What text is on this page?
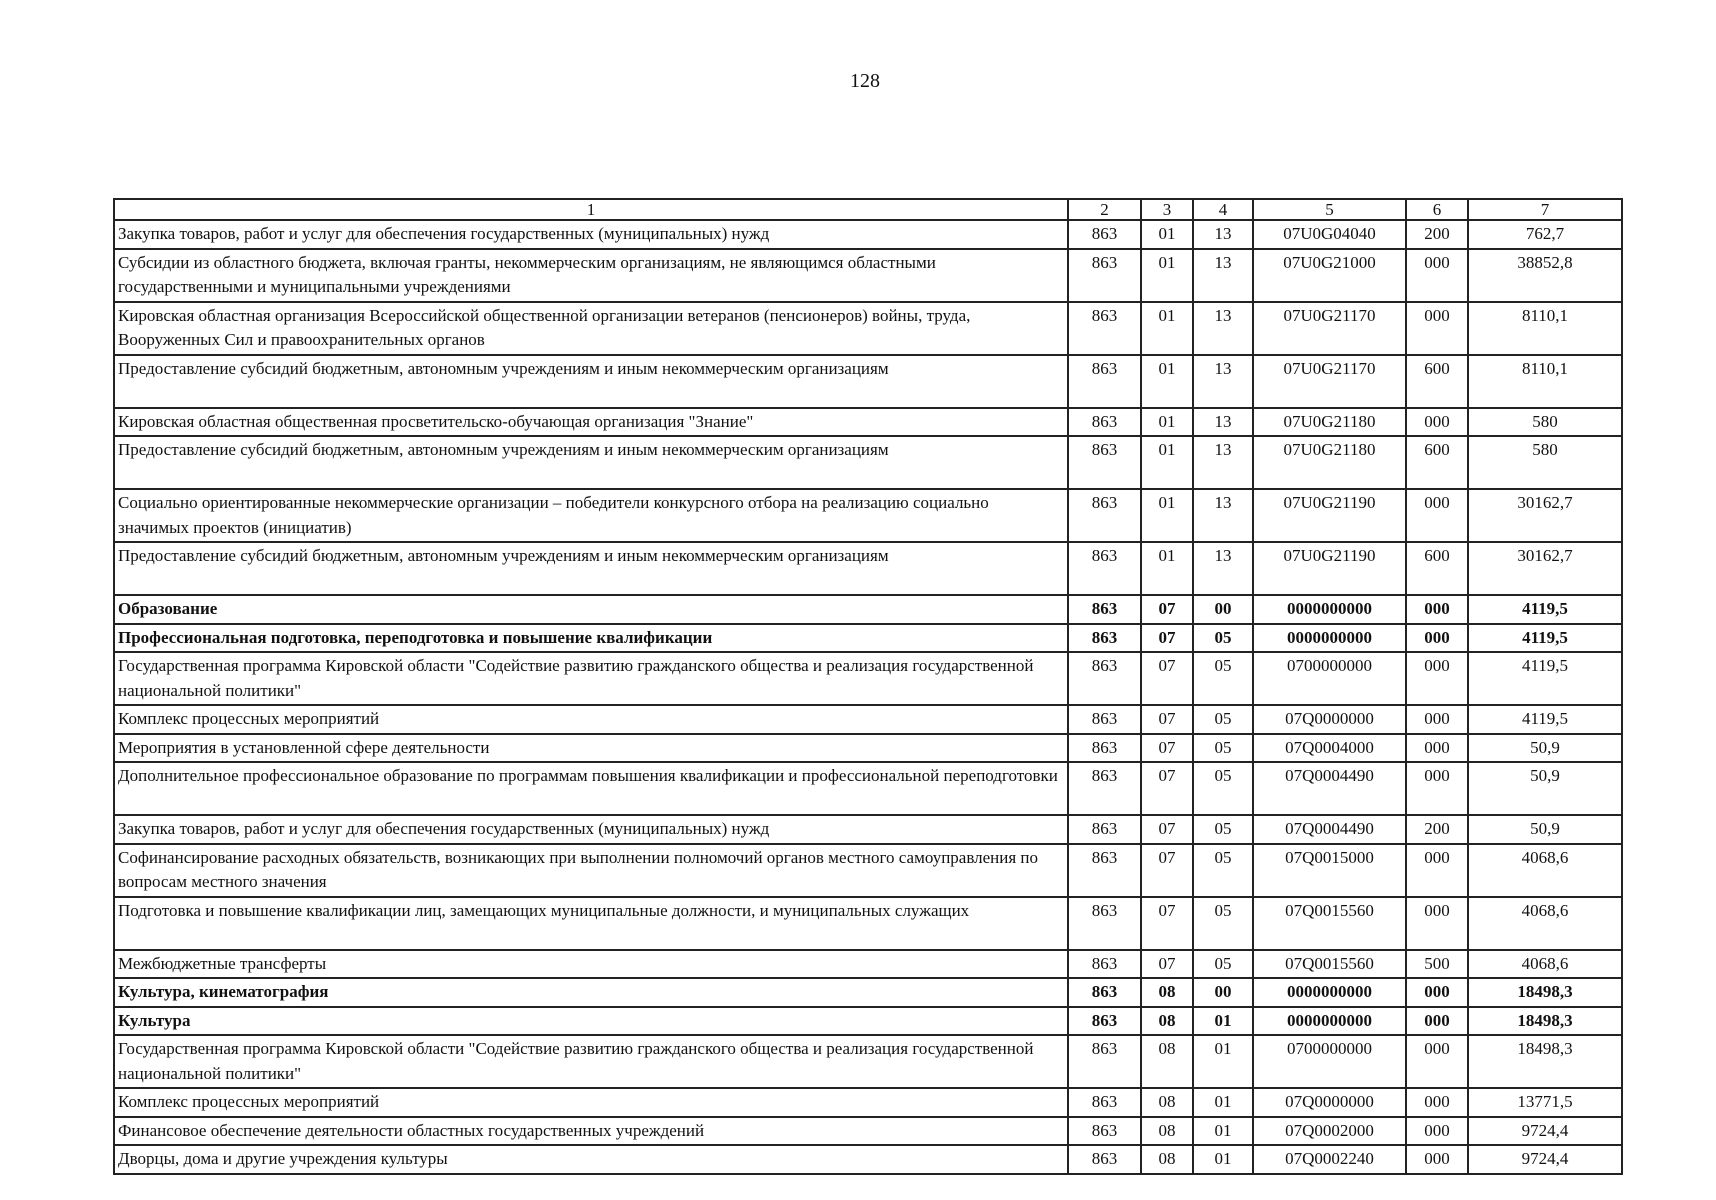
128
1	2	3	4	5	6	7
Закупка товаров, работ и услуг для обеспечения государственных (муниципальных) нужд	863	01	13	07U0G04040	200	762,7
Субсидии из областного бюджета, включая гранты, некоммерческим организациям, не являющимся областными государственными и муниципальными учреждениями	863	01	13	07U0G21000	000	38852,8
Кировская областная организация Всероссийской общественной организации ветеранов (пенсионеров) войны, труда, Вооруженных Сил и правоохранительных органов	863	01	13	07U0G21170	000	8110,1
Предоставление субсидий бюджетным, автономным учреждениям и иным некоммерческим организациям	863	01	13	07U0G21170	600	8110,1
Кировская областная общественная просветительско-обучающая организация "Знание"	863	01	13	07U0G21180	000	580
Предоставление субсидий бюджетным, автономным учреждениям и иным некоммерческим организациям	863	01	13	07U0G21180	600	580
Социально ориентированные некоммерческие организации – победители конкурсного отбора на реализацию социально значимых проектов (инициатив)	863	01	13	07U0G21190	000	30162,7
Предоставление субсидий бюджетным, автономным учреждениям и иным некоммерческим организациям	863	01	13	07U0G21190	600	30162,7
Образование	863	07	00	0000000000	000	4119,5
Профессиональная подготовка, переподготовка и повышение квалификации	863	07	05	0000000000	000	4119,5
Государственная программа Кировской области "Содействие развитию гражданского общества и реализация государственной национальной политики"	863	07	05	0700000000	000	4119,5
Комплекс процессных мероприятий	863	07	05	07Q0000000	000	4119,5
Мероприятия в установленной сфере деятельности	863	07	05	07Q0004000	000	50,9
Дополнительное профессиональное образование по программам повышения квалификации и профессиональной переподготовки	863	07	05	07Q0004490	000	50,9
Закупка товаров, работ и услуг для обеспечения государственных (муниципальных) нужд	863	07	05	07Q0004490	200	50,9
Софинансирование расходных обязательств, возникающих при выполнении полномочий органов местного самоуправления по вопросам местного значения	863	07	05	07Q0015000	000	4068,6
Подготовка и повышение квалификации лиц, замещающих муниципальные должности, и муниципальных служащих	863	07	05	07Q0015560	000	4068,6
Межбюджетные трансферты	863	07	05	07Q0015560	500	4068,6
Культура, кинематография	863	08	00	0000000000	000	18498,3
Культура	863	08	01	0000000000	000	18498,3
Государственная программа Кировской области "Содействие развитию гражданского общества и реализация государственной национальной политики"	863	08	01	0700000000	000	18498,3
Комплекс процессных мероприятий	863	08	01	07Q0000000	000	13771,5
Финансовое обеспечение деятельности областных государственных учреждений	863	08	01	07Q0002000	000	9724,4
Дворцы, дома и другие учреждения культуры	863	08	01	07Q0002240	000	9724,4
